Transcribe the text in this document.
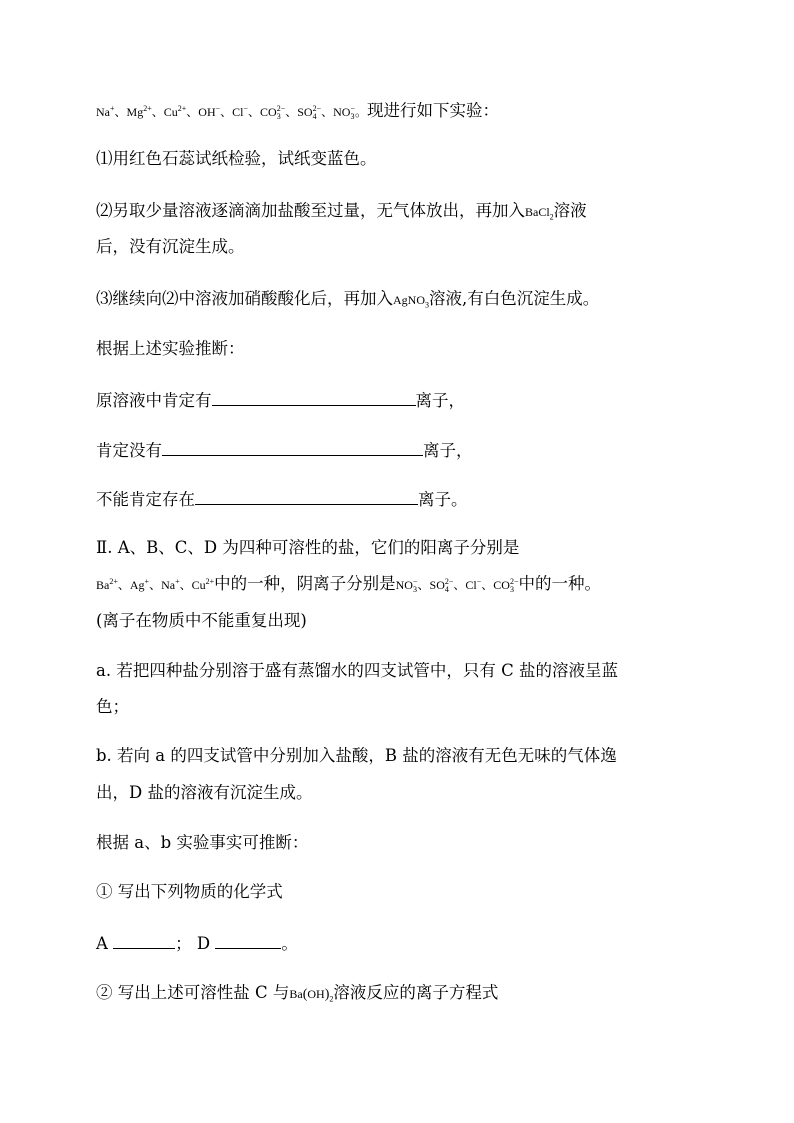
Na+、$Mg^{2+}$、$Cu^{2+}$、OH−、Cl−、CO 2−
3 、SO 2−
4 、NO −
3 。现进行如下实验：
⑴用红色石蕊试纸检验，试纸变蓝色。
⑵另取少量溶液逐滴滴加盐酸至过量，无气体放出，再加入BaCl$_2$溶液
后，没有沉淀生成。
⑶继续向⑵中溶液加硝酸酸化后，再加入AgNO$_3$溶液,有白色沉淀生成。
根据上述实验推断：
原溶液中肯定有	离子，
肯定没有	离子，
不能肯定存在	离子。
Ⅱ. A、B、C、D 为四种可溶性的盐，它们的阳离子分别是
$Ba^{2+}$、Ag+、Na+、$Cu^{2+}$中的一种，阴离子分别是NO −
3 、SO 2−
4 、Cl−、CO 2−
3 中的一种。
(离子在物质中不能重复出现)
a. 若把四种盐分别溶于盛有蒸馏水的四支试管中，只有 C 盐的溶液呈蓝
色；
b. 若向 a 的四支试管中分别加入盐酸，B 盐的溶液有无色无味的气体逸
出，D 盐的溶液有沉淀生成。
根据 a、b 实验事实可推断：
① 写出下列物质的化学式
A	； D	。
② 写出上述可溶性盐 C 与$Ba(OH)_2$溶液反应的离子方程式
